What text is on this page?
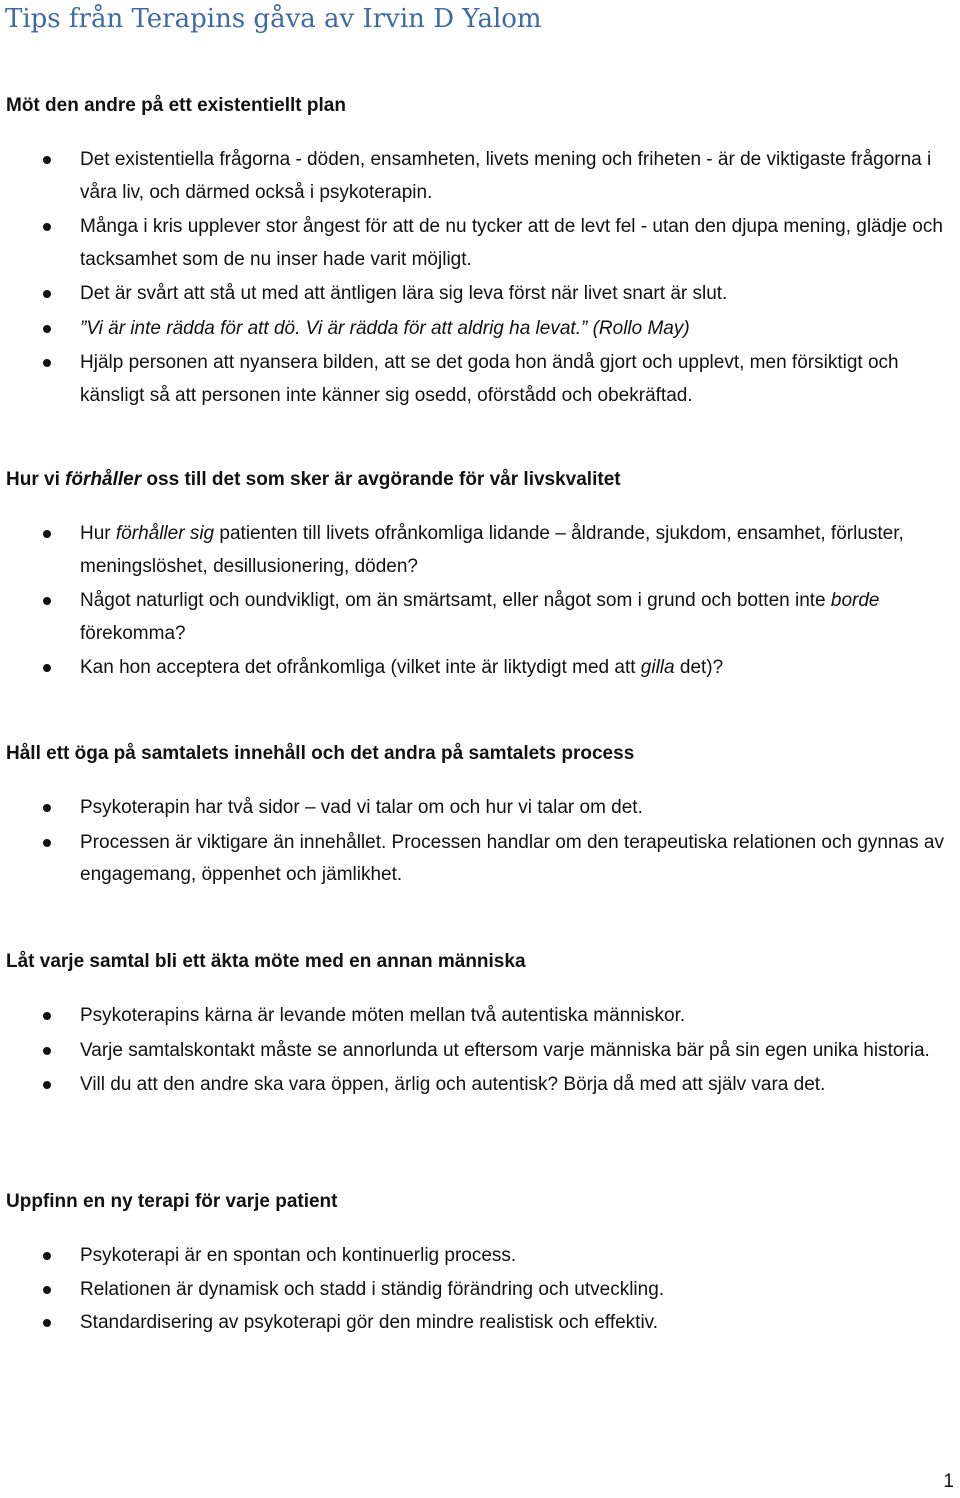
Tips från Terapins gåva av Irvin D Yalom
Möt den andre på ett existentiellt plan
Det existentiella frågorna - döden, ensamheten, livets mening och friheten - är de viktigaste frågorna i våra liv, och därmed också i psykoterapin.
Många i kris upplever stor ångest för att de nu tycker att de levt fel - utan den djupa mening, glädje och tacksamhet som de nu inser hade varit möjligt.
Det är svårt att stå ut med att äntligen lära sig leva först när livet snart är slut.
”Vi är inte rädda för att dö. Vi är rädda för att aldrig ha levat.” (Rollo May)
Hjälp personen att nyansera bilden, att se det goda hon ändå gjort och upplevt, men försiktigt och känsligt så att personen inte känner sig osedd, oförstådd och obekräftad.
Hur vi förhåller oss till det som sker är avgörande för vår livskvalitet
Hur förhåller sig patienten till livets ofrånkomliga lidande – åldrande, sjukdom, ensamhet, förluster, meningslöshet, desillusionering, döden?
Något naturligt och oundvikligt, om än smärtsamt, eller något som i grund och botten inte borde förekomma?
Kan hon acceptera det ofrånkomliga (vilket inte är liktydigt med att gilla det)?
Håll ett öga på samtalets innehåll och det andra på samtalets process
Psykoterapin har två sidor – vad vi talar om och hur vi talar om det.
Processen är viktigare än innehållet. Processen handlar om den terapeutiska relationen och gynnas av engagemang, öppenhet och jämlikhet.
Låt varje samtal bli ett äkta möte med en annan människa
Psykoterapins kärna är levande möten mellan två autentiska människor.
Varje samtalskontakt måste se annorlunda ut eftersom varje människa bär på sin egen unika historia.
Vill du att den andre ska vara öppen, ärlig och autentisk? Börja då med att själv vara det.
Uppfinn en ny terapi för varje patient
Psykoterapi är en spontan och kontinuerlig process.
Relationen är dynamisk och stadd i ständig förändring och utveckling.
Standardisering av psykoterapi gör den mindre realistisk och effektiv.
1
